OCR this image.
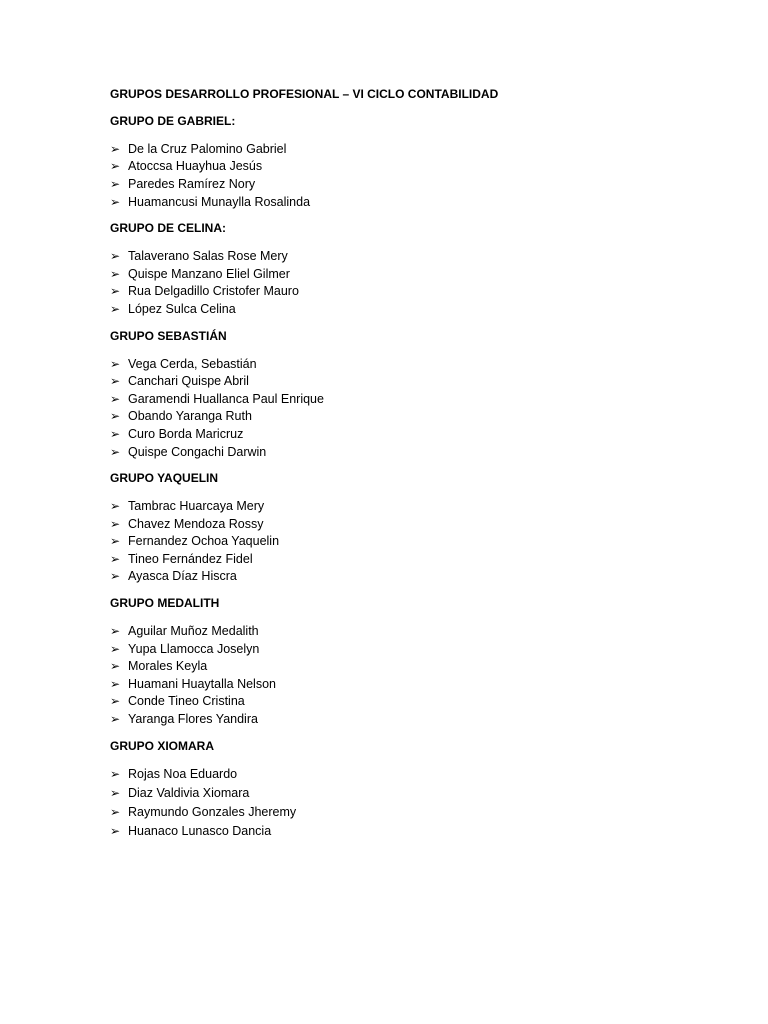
GRUPOS DESARROLLO PROFESIONAL – VI CICLO CONTABILIDAD
GRUPO DE GABRIEL:
➢ De la Cruz Palomino Gabriel
➢ Atoccsa Huayhua Jesús
➢ Paredes Ramírez Nory
➢ Huamancusi Munaylla Rosalinda
GRUPO DE CELINA:
➢ Talaverano Salas Rose Mery
➢ Quispe Manzano Eliel Gilmer
➢ Rua Delgadillo Cristofer Mauro
➢ López Sulca Celina
GRUPO SEBASTIÁN
➢ Vega Cerda, Sebastián
➢ Canchari Quispe Abril
➢ Garamendi Huallanca Paul Enrique
➢ Obando Yaranga Ruth
➢ Curo Borda Maricruz
➢ Quispe Congachi Darwin
GRUPO YAQUELIN
➢ Tambrac Huarcaya Mery
➢ Chavez Mendoza Rossy
➢ Fernandez Ochoa Yaquelin
➢ Tineo Fernández Fidel
➢ Ayasca Díaz Hiscra
GRUPO MEDALITH
➢ Aguilar Muñoz Medalith
➢ Yupa Llamocca Joselyn
➢ Morales Keyla
➢ Huamani Huaytalla Nelson
➢ Conde Tineo Cristina
➢ Yaranga Flores Yandira
GRUPO XIOMARA
➢ Rojas Noa Eduardo
➢ Diaz Valdivia Xiomara
➢ Raymundo Gonzales Jheremy
➢ Huanaco Lunasco Dancia
